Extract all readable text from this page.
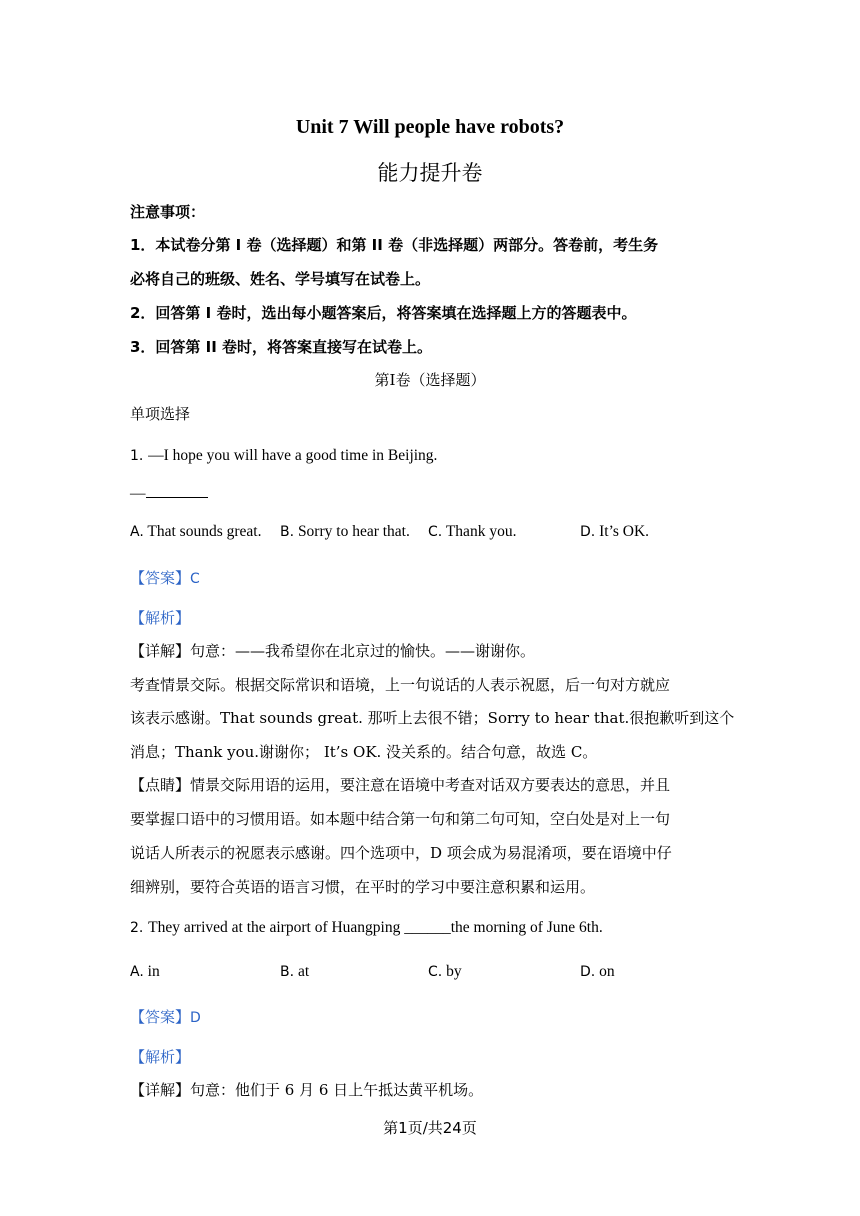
Unit 7 Will people have robots?
能力提升卷
注意事项：
1．本试卷分第 I 卷（选择题）和第 II 卷（非选择题）两部分。答卷前，考生务
必将自己的班级、姓名、学号填写在试卷上。
2．回答第 I 卷时，选出每小题答案后，将答案填在选择题上方的答题表中。
3．回答第 II 卷时，将答案直接写在试卷上。
第Ⅰ卷（选择题）
单项选择
1. —I hope you will have a good time in Beijing.
—
A. That sounds great. B. Sorry to hear that. C. Thank you.	D. It’s OK.
【答案】C
【解析】
【详解】句意：——我希望你在北京过的愉快。——谢谢你。
考查情景交际。根据交际常识和语境，上一句说话的人表示祝愿，后一句对方就应
该表示感谢。That sounds great. 那听上去很不错；Sorry to hear that.很抱歉听到这个
消息；Thank you.谢谢你； It’s OK. 没关系的。结合句意，故选 C。
【点睛】情景交际用语的运用，要注意在语境中考查对话双方要表达的意思，并且
要掌握口语中的习惯用语。如本题中结合第一句和第二句可知，空白处是对上一句
说话人所表示的祝愿表示感谢。四个选项中，D 项会成为易混淆项，要在语境中仔
细辨别，要符合英语的语言习惯，在平时的学习中要注意积累和运用。
2. They arrived at the airport of Huangping ______the morning of June 6th.
A. in	B. at	C. by	D. on
【答案】D
【解析】
【详解】句意：他们于 6 月 6 日上午抵达黄平机场。
第1页/共24页
